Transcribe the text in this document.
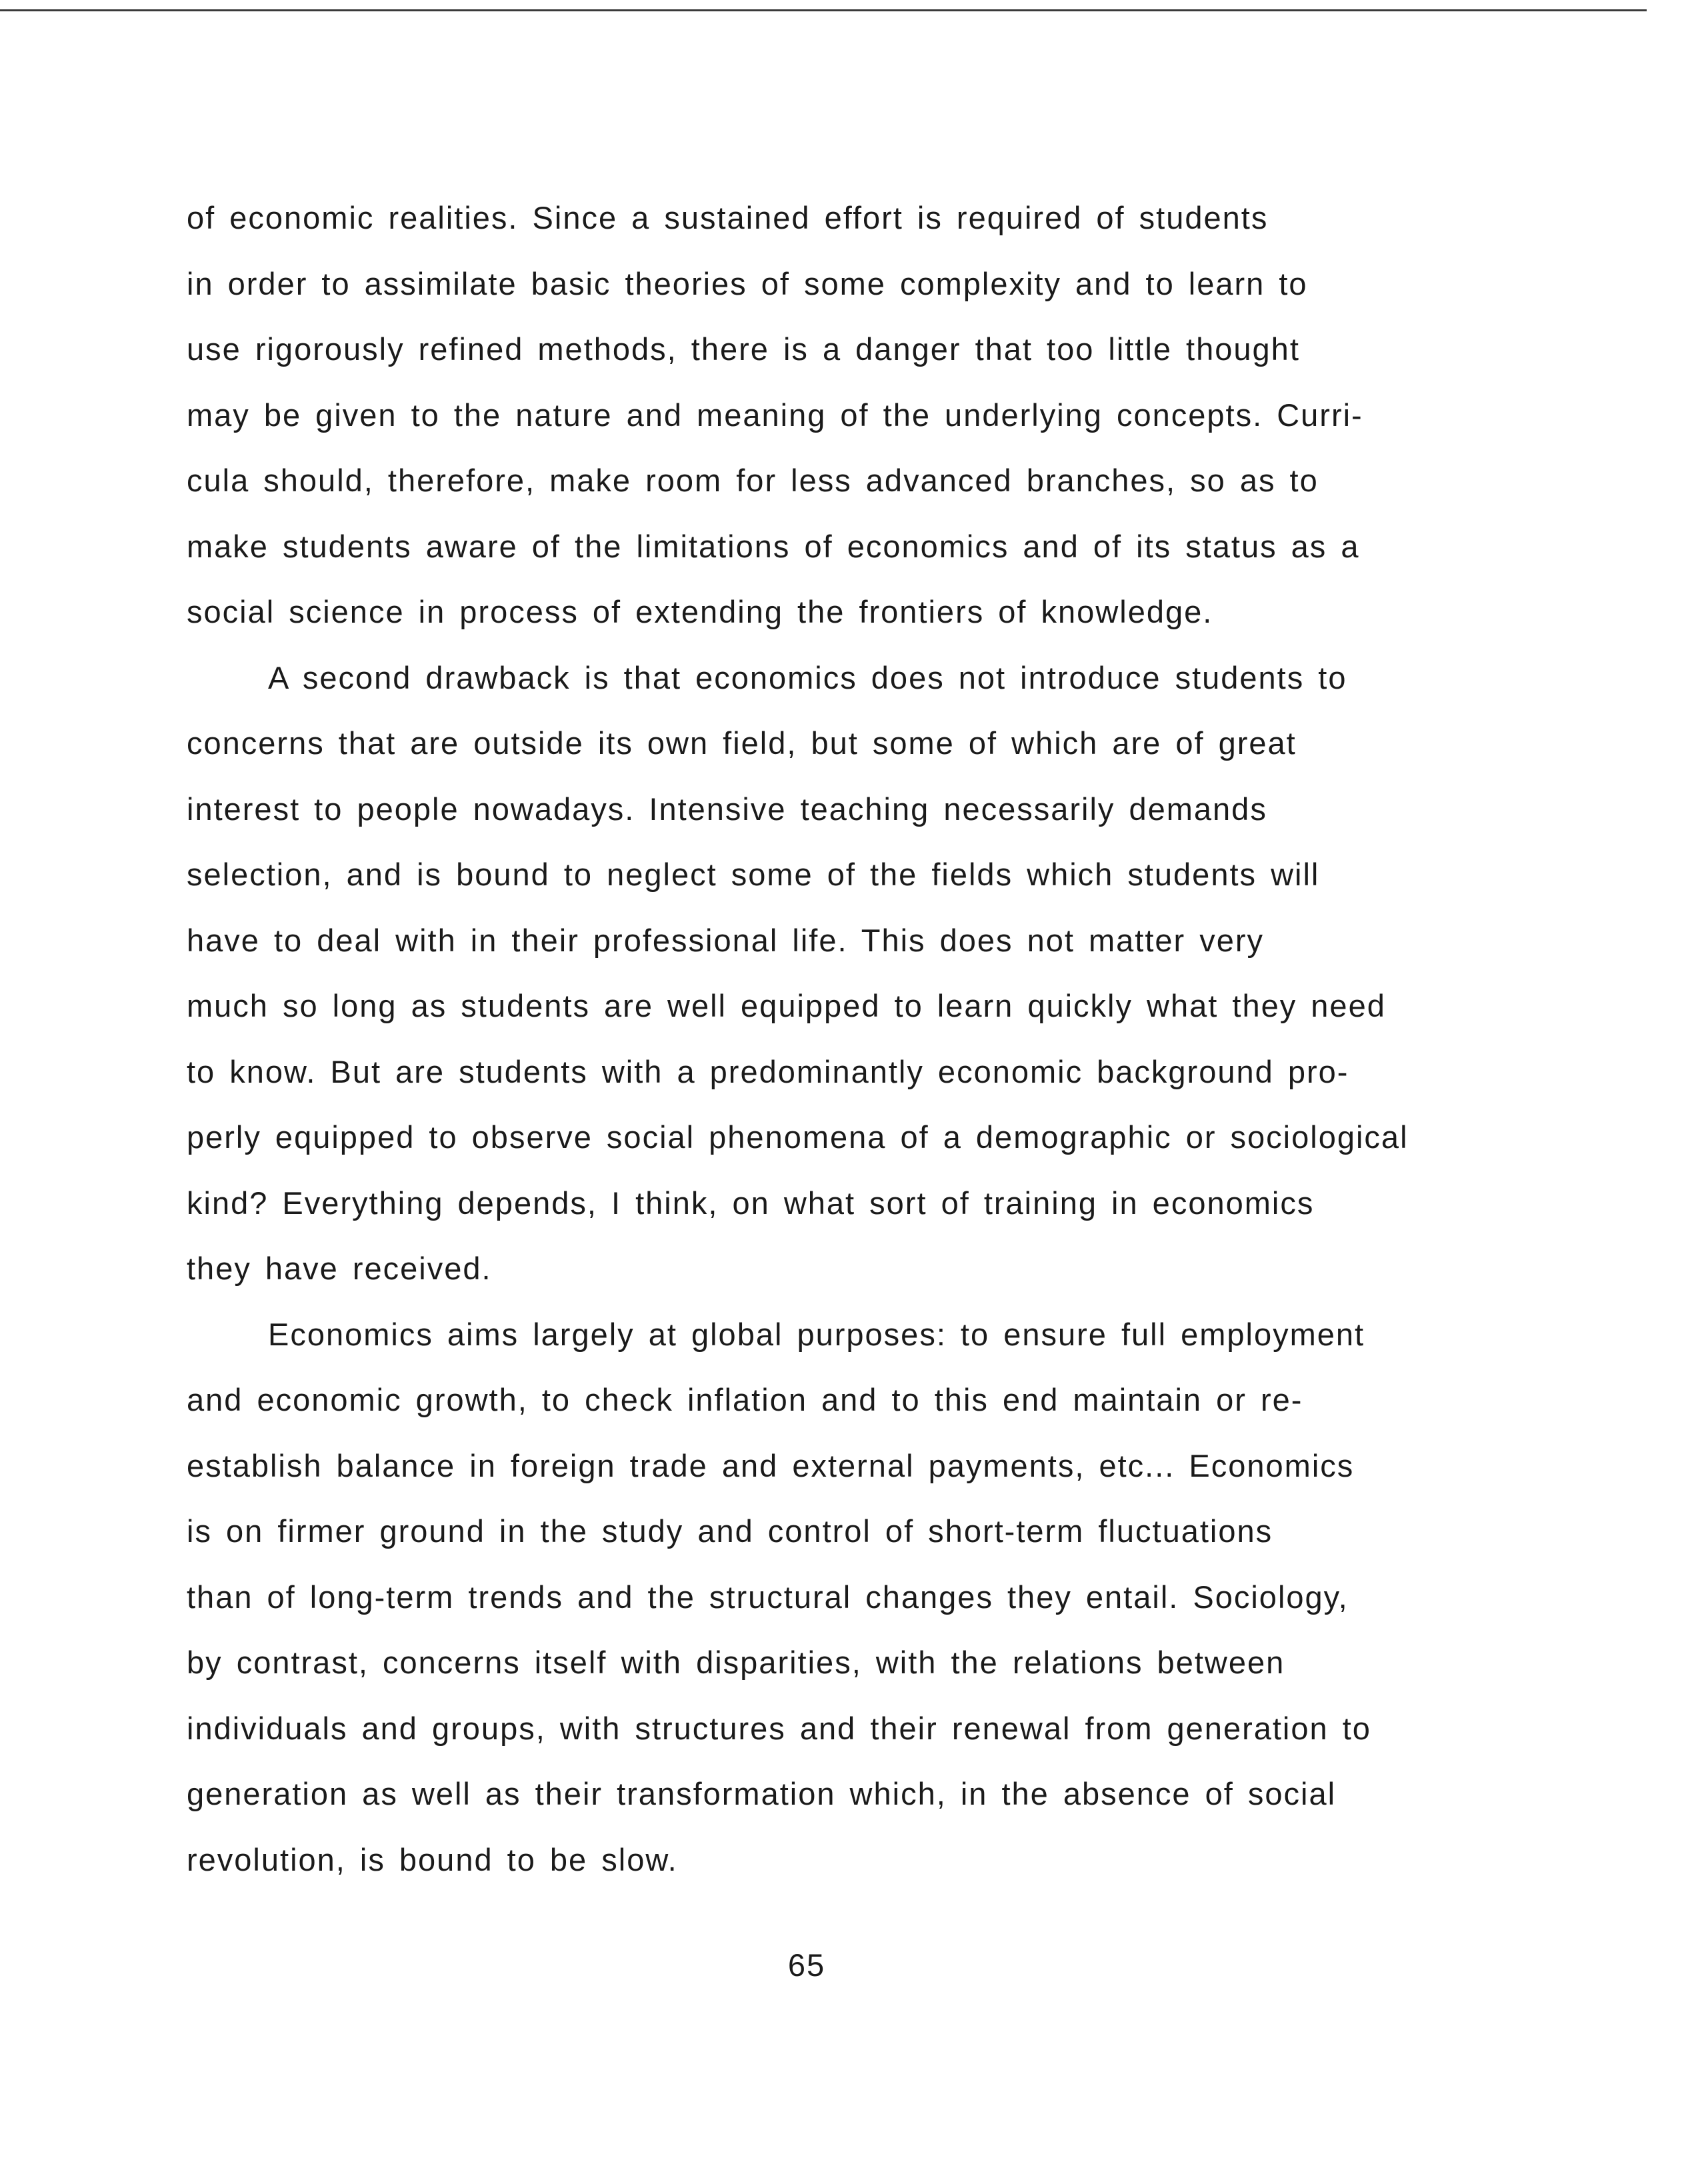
of economic realities. Since a sustained effort is required of students
in order to assimilate basic theories of some complexity and to learn to
use rigorously refined methods, there is a danger that too little thought
may be given to the nature and meaning of the underlying concepts. Curri-
cula should, therefore, make room for less advanced branches, so as to
make students aware of the limitations of economics and of its status as a
social science in process of extending the frontiers of knowledge.
A second drawback is that economics does not introduce students to
concerns that are outside its own field, but some of which are of great
interest to people nowadays. Intensive teaching necessarily demands
selection, and is bound to neglect some of the fields which students will
have to deal with in their professional life. This does not matter very
much so long as students are well equipped to learn quickly what they need
to know. But are students with a predominantly economic background pro-
perly equipped to observe social phenomena of a demographic or sociological
kind? Everything depends, I think, on what sort of training in economics
they have received.
Economics aims largely at global purposes: to ensure full employment
and economic growth, to check inflation and to this end maintain or re-
establish balance in foreign trade and external payments, etc... Economics
is on firmer ground in the study and control of short-term fluctuations
than of long-term trends and the structural changes they entail. Sociology,
by contrast, concerns itself with disparities, with the relations between
individuals and groups, with structures and their renewal from generation to
generation as well as their transformation which, in the absence of social
revolution, is bound to be slow.
65
